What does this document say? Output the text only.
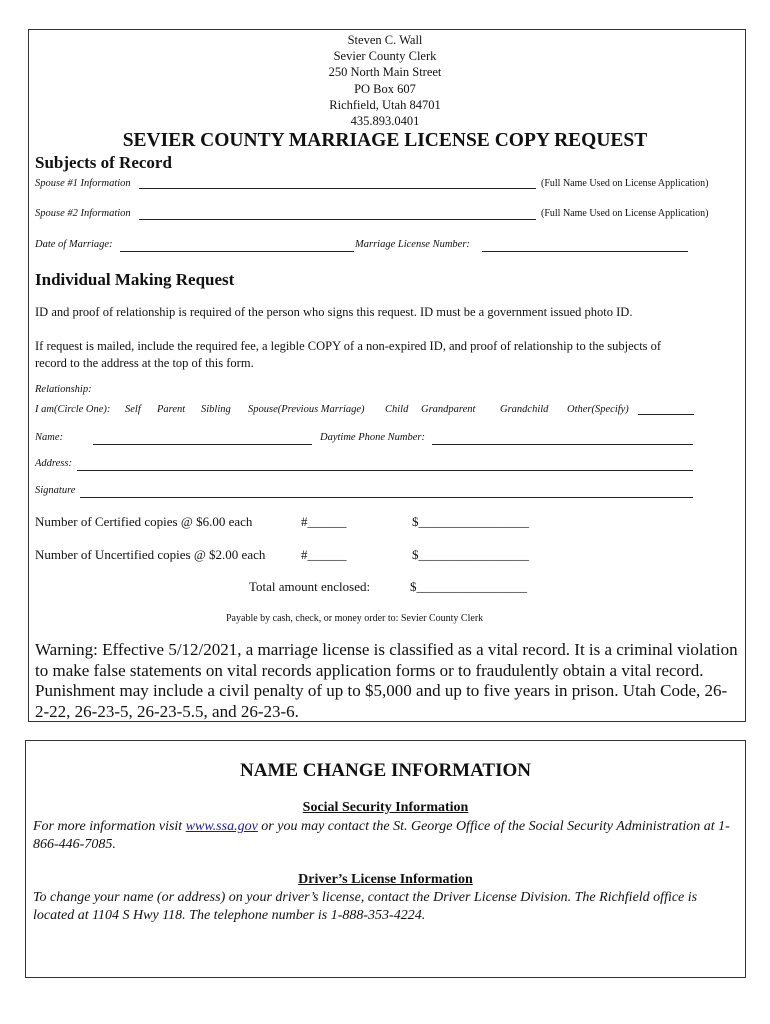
Steven C. Wall
Sevier County Clerk
250 North Main Street
PO Box 607
Richfield, Utah 84701
435.893.0401
SEVIER COUNTY MARRIAGE LICENSE COPY REQUEST
Subjects of Record
Spouse #1 Information	(Full Name Used on License Application)
Spouse #2 Information	(Full Name Used on License Application)
Date of Marriage:	Marriage License Number:
Individual Making Request
ID and proof of relationship is required of the person who signs this request. ID must be a government issued photo ID.
If request is mailed, include the required fee, a legible COPY of a non-expired ID, and proof of relationship to the subjects of
record to the address at the top of this form.
Relationship:
I am(Circle One): Self Parent Sibling Spouse(Previous Marriage) Child Grandparent Grandchild Other(Specify)
Name:	Daytime Phone Number:
Address:
Signature
Number of Certified copies @ $6.00 each	#______	$_________________
Number of Uncertified copies @ $2.00 each	#______	$_________________
Total amount enclosed:	$_________________
Payable by cash, check, or money order to: Sevier County Clerk
Warning: Effective 5/12/2021, a marriage license is classified as a vital record. It is a criminal violation to make false statements on vital records application forms or to fraudulently obtain a vital record. Punishment may include a civil penalty of up to $5,000 and up to five years in prison. Utah Code, 26-2-22, 26-23-5, 26-23-5.5, and 26-23-6.
NAME CHANGE INFORMATION
Social Security Information
For more information visit www.ssa.gov or you may contact the St. George Office of the Social Security Administration at 1-866-446-7085.
Driver’s License Information
To change your name (or address) on your driver’s license, contact the Driver License Division. The Richfield office is located at 1104 S Hwy 118. The telephone number is 1-888-353-4224.
